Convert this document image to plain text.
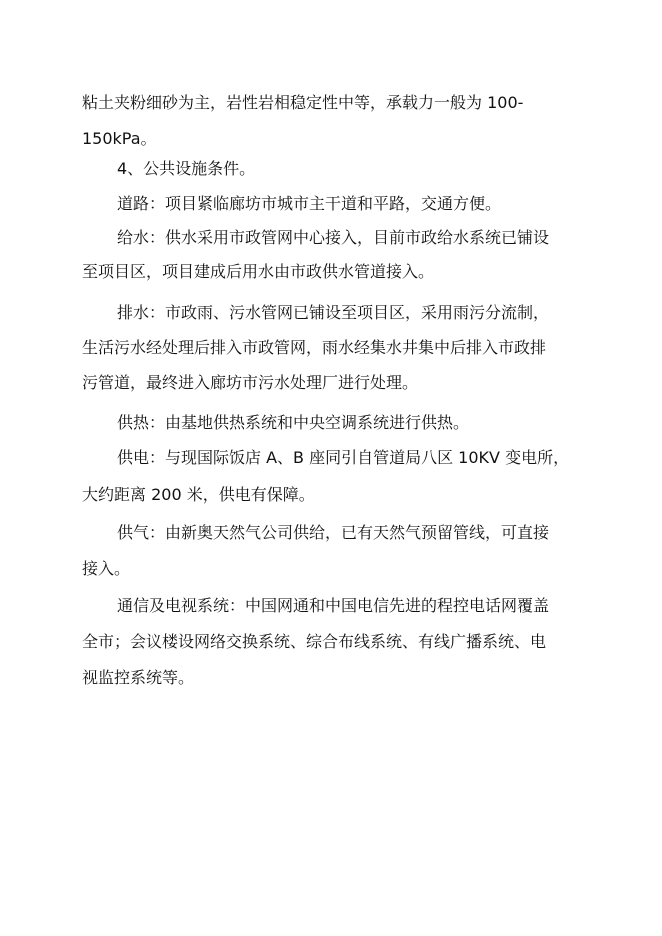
粘土夹粉细砂为主，岩性岩相稳定性中等，承载力一般为 100-
150kPa。
4、公共设施条件。
道路：项目紧临廊坊市城市主干道和平路，交通方便。
给水：供水采用市政管网中心接入，目前市政给水系统已铺设
至项目区，项目建成后用水由市政供水管道接入。
排水：市政雨、污水管网已铺设至项目区，采用雨污分流制，
生活污水经处理后排入市政管网，雨水经集水井集中后排入市政排
污管道，最终进入廊坊市污水处理厂进行处理。
供热：由基地供热系统和中央空调系统进行供热。
供电：与现国际饭店 A、B 座同引自管道局八区 10KV 变电所，
大约距离 200 米，供电有保障。
供气：由新奥天然气公司供给，已有天然气预留管线，可直接
接入。
通信及电视系统：中国网通和中国电信先进的程控电话网覆盖
全市；会议楼设网络交换系统、综合布线系统、有线广播系统、电
视监控系统等。
